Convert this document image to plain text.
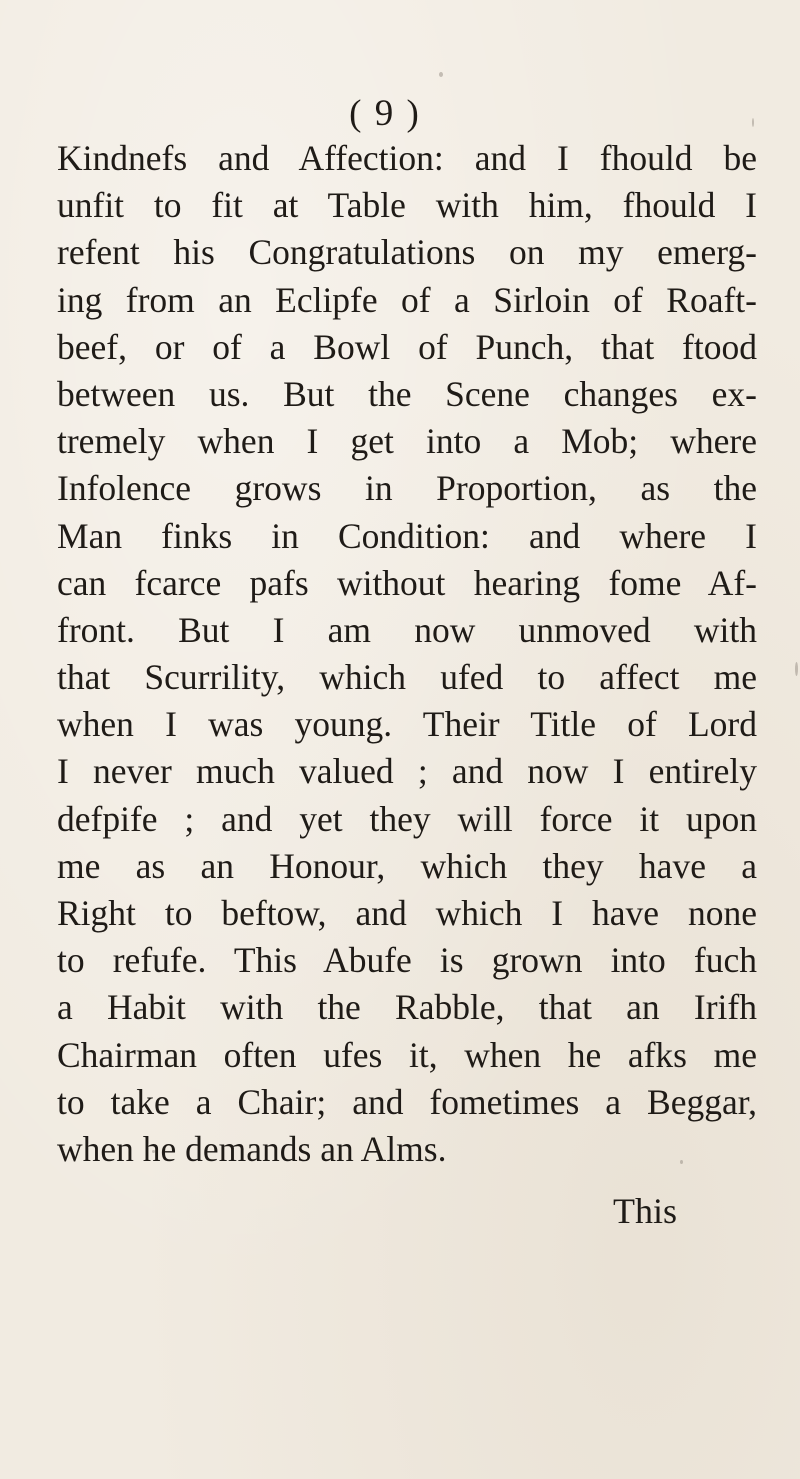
( 9 )
Kindnefs and Affection: and I fhould be
unfit to fit at Table with him, fhould I
refent his Congratulations on my emerg-
ing from an Eclipfe of a Sirloin of Roaft-
beef, or of a Bowl of Punch, that ftood
between us. But the Scene changes ex-
tremely when I get into a Mob; where
Infolence grows in Proportion, as the
Man finks in Condition: and where I
can fcarce pafs without hearing fome Af-
front. But I am now unmoved with
that Scurrility, which ufed to affect me
when I was young. Their Title of Lord
I never much valued ; and now I entirely
defpife ; and yet they will force it upon
me as an Honour, which they have a
Right to beftow, and which I have none
to refufe. This Abufe is grown into fuch
a Habit with the Rabble, that an Irifh
Chairman often ufes it, when he afks me
to take a Chair; and fometimes a Beggar,
when he demands an Alms.
This
